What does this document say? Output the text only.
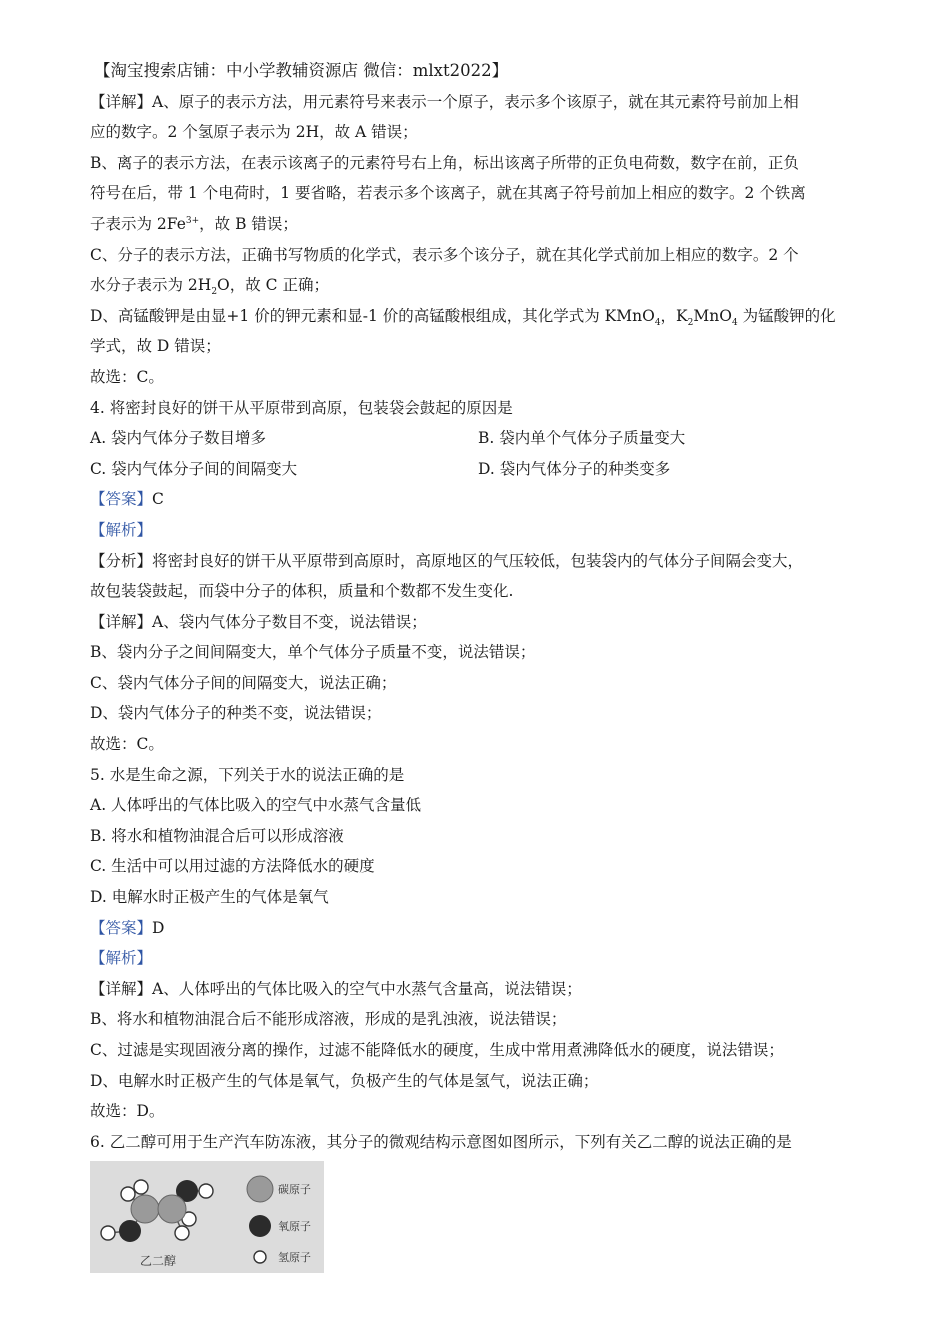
【淘宝搜索店铺：中小学教辅资源店 微信：mlxt2022】
【详解】A、原子的表示方法，用元素符号来表示一个原子，表示多个该原子，就在其元素符号前加上相
应的数字。2 个氢原子表示为 2H，故 A 错误；
B、离子的表示方法，在表示该离子的元素符号右上角，标出该离子所带的正负电荷数，数字在前，正负
符号在后，带 1 个电荷时，1 要省略，若表示多个该离子，就在其离子符号前加上相应的数字。2 个铁离
子表示为 $2Fe^{3+}$，故 B 错误；
C、分子的表示方法，正确书写物质的化学式，表示多个该分子，就在其化学式前加上相应的数字。2 个
水分子表示为 $2H_2O$，故 C 正确；
D、高锰酸钾是由显+1 价的钾元素和显-1 价的高锰酸根组成，其化学式为 KMnO$_4$，$K_2MnO_4$ 为锰酸钾的化
学式，故 D 错误；
故选：C。
4. 将密封良好的饼干从平原带到高原，包装袋会鼓起的原因是
A. 袋内气体分子数目增多	B. 袋内单个气体分子质量变大
C. 袋内气体分子间的间隔变大	D. 袋内气体分子的种类变多
【答案】C
【解析】
【分析】将密封良好的饼干从平原带到高原时，高原地区的气压较低，包装袋内的气体分子间隔会变大，
故包装袋鼓起，而袋中分子的体积，质量和个数都不发生变化.
【详解】A、袋内气体分子数目不变，说法错误；
B、袋内分子之间间隔变大，单个气体分子质量不变，说法错误；
C、袋内气体分子间的间隔变大，说法正确；
D、袋内气体分子的种类不变，说法错误；
故选：C。
5. 水是生命之源，下列关于水的说法正确的是
A. 人体呼出的气体比吸入的空气中水蒸气含量低
B. 将水和植物油混合后可以形成溶液
C. 生活中可以用过滤的方法降低水的硬度
D. 电解水时正极产生的气体是氧气
【答案】D
【解析】
【详解】A、人体呼出的气体比吸入的空气中水蒸气含量高，说法错误；
B、将水和植物油混合后不能形成溶液，形成的是乳浊液，说法错误；
C、过滤是实现固液分离的操作，过滤不能降低水的硬度，生成中常用煮沸降低水的硬度，说法错误；
D、电解水时正极产生的气体是氧气，负极产生的气体是氢气，说法正确；
故选：D。
6. 乙二醇可用于生产汽车防冻液，其分子的微观结构示意图如图所示，下列有关乙二醇的说法正确的是
乙二醇
碳原子
氧原子
氢原子
